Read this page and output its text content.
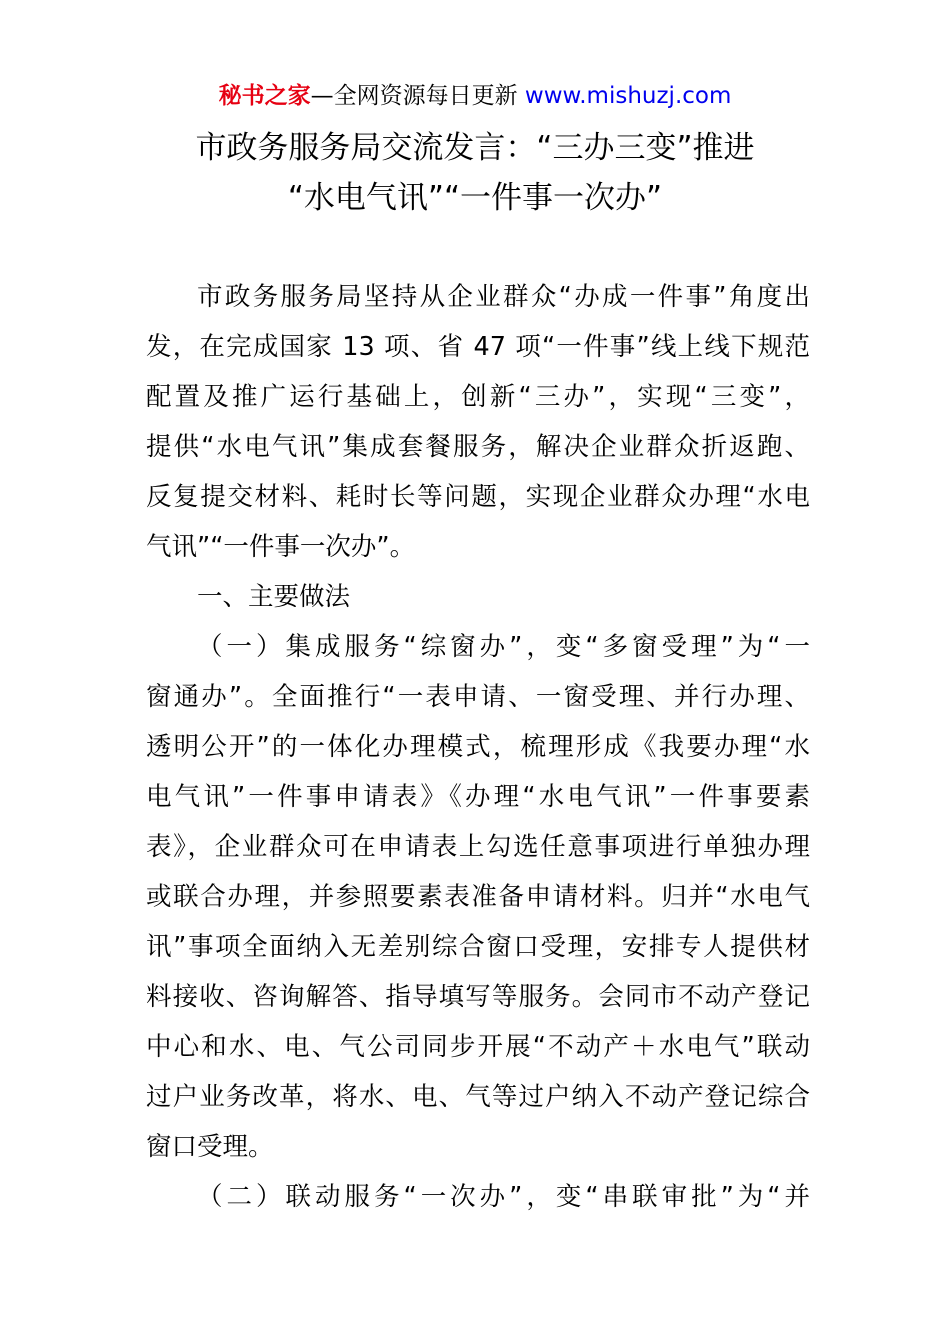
秘书之家—全网资源每日更新 www.mishuzj.com
市政务服务局交流发言：“三办三变”推进
“水电气讯”“一件事一次办”
市政务服务局坚持从企业群众“办成一件事”角度出
发，在完成国家 13 项、省 47 项“一件事”线上线下规范
配置及推广运行基础上，创新“三办”，实现“三变”，
提供“水电气讯”集成套餐服务，解决企业群众折返跑、
反复提交材料、耗时长等问题，实现企业群众办理“水电
气讯”“一件事一次办”。
一、主要做法
（一）集成服务“综窗办”，变“多窗受理”为“一
窗通办”。全面推行“一表申请、一窗受理、并行办理、
透明公开”的一体化办理模式，梳理形成《我要办理“水
电气讯”一件事申请表》《办理“水电气讯”一件事要素
表》，企业群众可在申请表上勾选任意事项进行单独办理
或联合办理，并参照要素表准备申请材料。归并“水电气
讯”事项全面纳入无差别综合窗口受理，安排专人提供材
料接收、咨询解答、指导填写等服务。会同市不动产登记
中心和水、电、气公司同步开展“不动产＋水电气”联动
过户业务改革，将水、电、气等过户纳入不动产登记综合
窗口受理。
（二）联动服务“一次办”，变“串联审批”为“并
